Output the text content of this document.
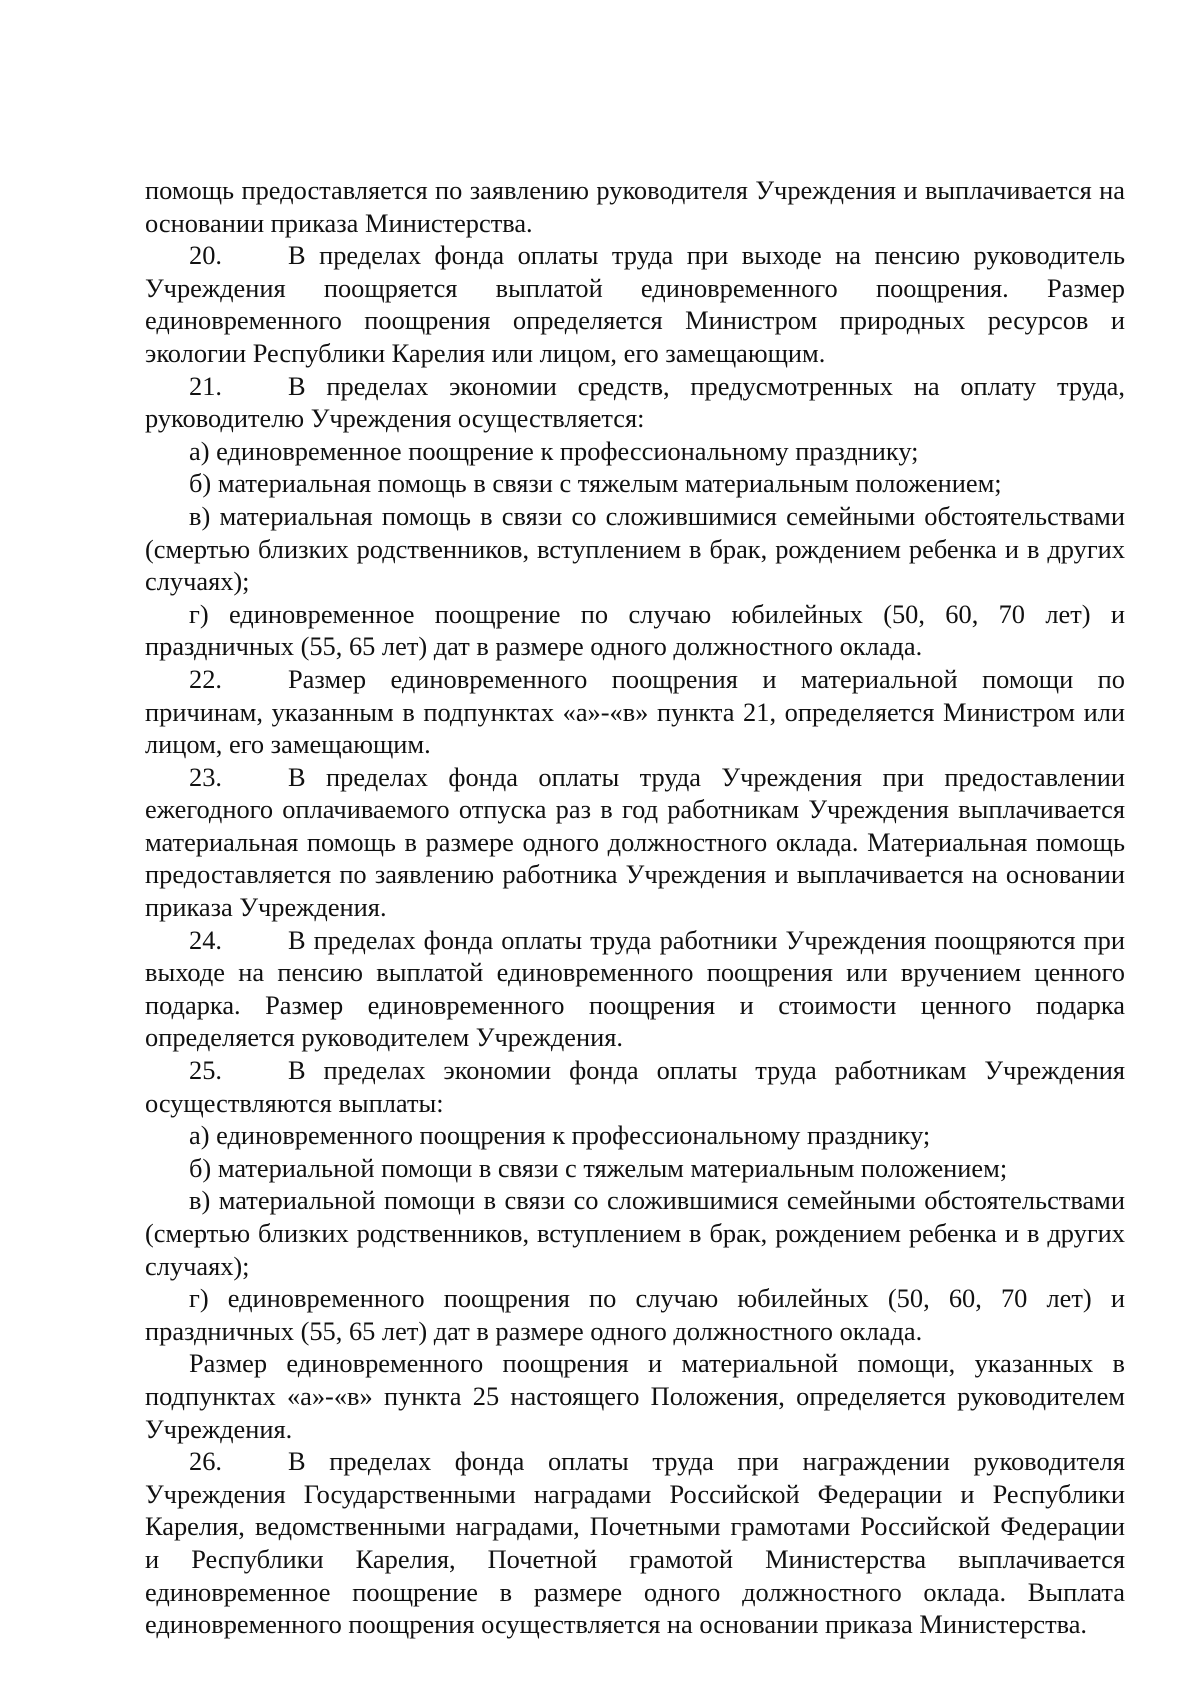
помощь предоставляется по заявлению руководителя Учреждения и выплачивается на основании приказа Министерства.

20.	В пределах фонда оплаты труда при выходе на пенсию руководитель Учреждения поощряется выплатой единовременного поощрения. Размер единовременного поощрения определяется Министром природных ресурсов и экологии Республики Карелия или лицом, его замещающим.

21.	В пределах экономии средств, предусмотренных на оплату труда, руководителю Учреждения осуществляется:

а) единовременное поощрение к профессиональному празднику;

б) материальная помощь в связи с тяжелым материальным положением;

в) материальная помощь в связи со сложившимися семейными обстоятельствами (смертью близких родственников, вступлением в брак, рождением ребенка и в других случаях);

г) единовременное поощрение по случаю юбилейных (50, 60, 70 лет) и праздничных (55, 65 лет) дат в размере одного должностного оклада.

22.	Размер единовременного поощрения и материальной помощи по причинам, указанным в подпунктах «а»-«в» пункта 21, определяется Министром или лицом, его замещающим.

23.	В пределах фонда оплаты труда Учреждения при предоставлении ежегодного оплачиваемого отпуска раз в год работникам Учреждения выплачивается материальная помощь в размере одного должностного оклада. Материальная помощь предоставляется по заявлению работника Учреждения и выплачивается на основании приказа Учреждения.

24.	В пределах фонда оплаты труда работники Учреждения поощряются при выходе на пенсию выплатой единовременного поощрения или вручением ценного подарка. Размер единовременного поощрения и стоимости ценного подарка определяется руководителем Учреждения.

25.	В пределах экономии фонда оплаты труда работникам Учреждения осуществляются выплаты:

а) единовременного поощрения к профессиональному празднику;

б) материальной помощи в связи с тяжелым материальным положением;

в) материальной помощи в связи со сложившимися семейными обстоятельствами (смертью близких родственников, вступлением в брак, рождением ребенка и в других случаях);

г) единовременного поощрения по случаю юбилейных (50, 60, 70 лет) и праздничных (55, 65 лет) дат в размере одного должностного оклада.

Размер единовременного поощрения и материальной помощи, указанных в подпунктах «а»-«в» пункта 25 настоящего Положения, определяется руководителем Учреждения.

26.	В пределах фонда оплаты труда при награждении руководителя Учреждения Государственными наградами Российской Федерации и Республики Карелия, ведомственными наградами, Почетными грамотами Российской Федерации и Республики Карелия, Почетной грамотой Министерства выплачивается единовременное поощрение в размере одного должностного оклада. Выплата единовременного поощрения осуществляется на основании приказа Министерства.
